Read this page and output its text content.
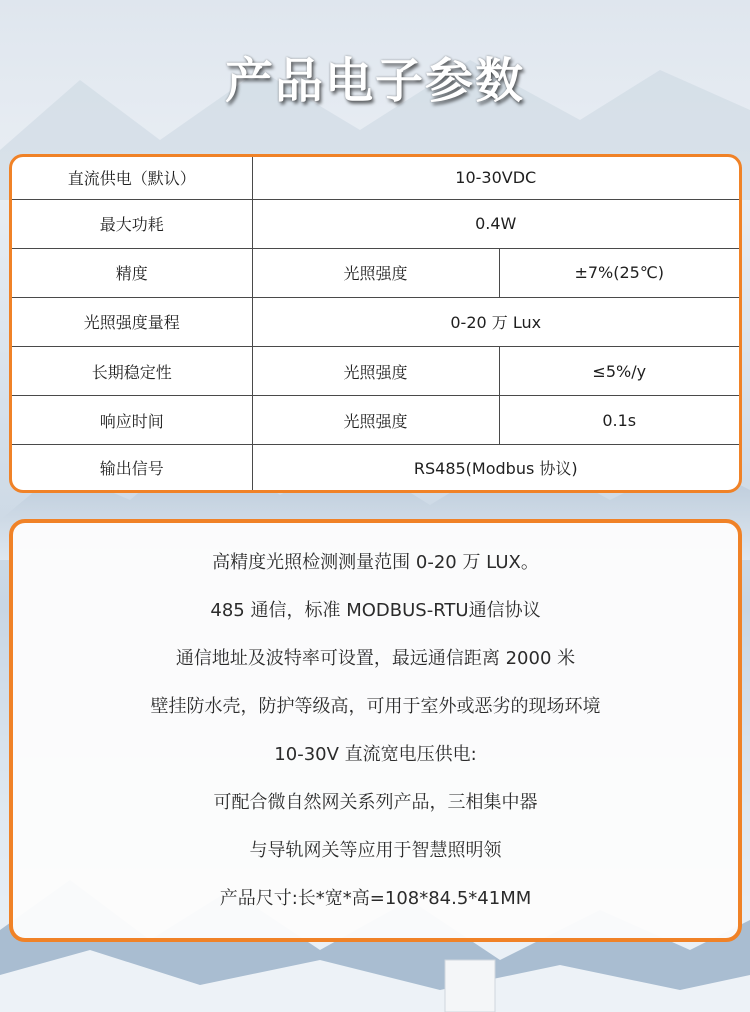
产品电子参数
直流供电（默认）	10-30VDC	
最大功耗	0.4W	
精度	光照强度	±7%(25℃)
光照强度量程	0-20 万 Lux	
长期稳定性	光照强度	≤5%/y
响应时间	光照强度	0.1s
输出信号	RS485(Modbus 协议)	
高精度光照检测测量范围 0-20 万 LUX。
485 通信，标准 MODBUS-RTU通信协议
通信地址及波特率可设置，最远通信距离 2000 米
壁挂防水壳，防护等级高，可用于室外或恶劣的现场环境
10-30V 直流宽电压供电:
可配合微自然网关系列产品，三相集中器
与导轨网关等应用于智慧照明领
产品尺寸:长*宽*高=108*84.5*41MM
